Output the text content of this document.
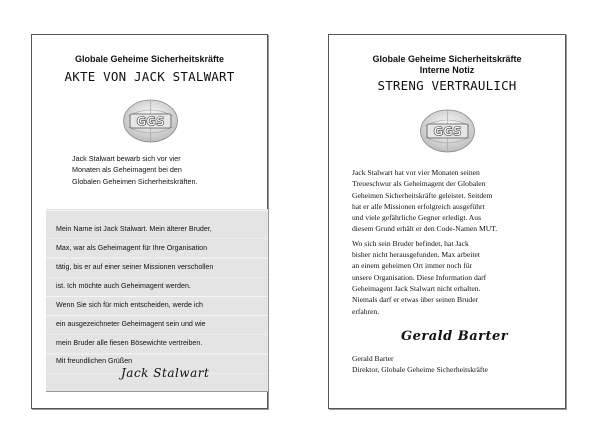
Globale Geheime Sicherheitskräfte
AKTE VON JACK STALWART
GGS
Jack Stalwart bewarb sich vor vier
Monaten als Geheimagent bei den
Globalen Geheimen Sicherheitskräften.
Mein Name ist Jack Stalwart. Mein älterer Bruder,
Max, war als Geheimagent für Ihre Organisation
tätig, bis er auf einer seiner Missionen verschollen
ist. Ich möchte auch Geheimagent werden.
Wenn Sie sich für mich entscheiden, werde ich
ein ausgezeichneter Geheimagent sein und wie
mein Bruder alle fiesen Bösewichte vertreiben.
Mit freundlichen Grüßen
Jack Stalwart
Globale Geheime Sicherheitskräfte
Interne Notiz
STRENG VERTRAULICH
GGS

Jack Stalwart hat vor vier Monaten seinen
Treueschwur als Geheimagent der Globalen
Geheimen Sicherheitskräfte geleistet. Seitdem
hat er alle Missionen erfolgreich ausgeführt
und viele gefährliche Gegner erledigt. Aus
diesem Grund erhält er den Code-Namen MUT.

Wo sich sein Bruder befindet, hat Jack
bisher nicht herausgefunden. Max arbeitet
an einem geheimen Ort immer noch für
unsere Organisation. Diese Information darf
Geheimagent Jack Stalwart nicht erhalten.
Niemals darf er etwas über seinen Bruder
erfahren.

Gerald Barter
Gerald Barter
Direktor, Globale Geheime Sicherheitskräfte
